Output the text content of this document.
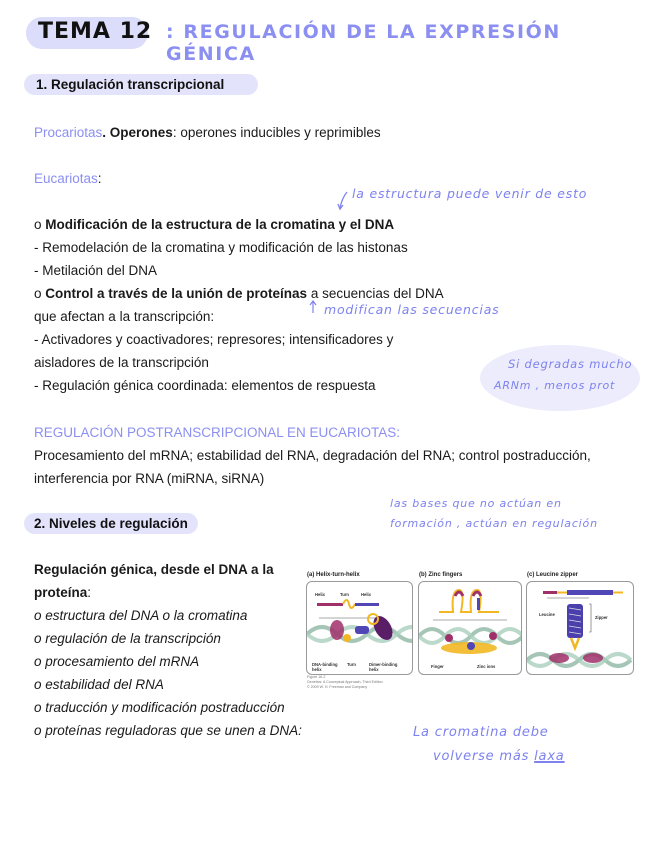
TEMA 12 : REGULACIÓN DE LA EXPRESIÓN GÉNICA
1. Regulación transcripcional
Procariotas. Operones: operones inducibles y reprimibles
Eucariotas:
o Modificación de la estructura de la cromatina y el DNA
- Remodelación de la cromatina y modificación de las histonas
- Metilación del DNA
o Control a través de la unión de proteínas a secuencias del DNA
que afectan a la transcripción:
- Activadores y coactivadores; represores; intensificadores y
aisladores de la transcripción
- Regulación génica coordinada: elementos de respuesta
REGULACIÓN POSTRANSCRIPCIONAL EN EUCARIOTAS:
Procesamiento del mRNA; estabilidad del RNA, degradación del RNA; control postraducción,
interferencia por RNA (miRNA, siRNA)
2. Niveles de regulación
Regulación génica, desde el DNA a la
proteína:
o estructura del DNA o la cromatina
o regulación de la transcripción
o procesamiento del mRNA
o estabilidad del RNA
o traducción y modificación postraducción
o proteínas reguladoras que se unen a DNA:
(a) Helix-turn-helix
Helix	Turn	Helix
DNA-binding helix
Turn	Dimer-binding helix
(b) Zinc fingers
Finger	Zinc ions
(c) Leucine zipper
Leucine
Zipper
Figure 16-2
Genetics: A Conceptual Approach, Third Edition
© 2009 W. H. Freeman and Company
la estructura puede venir de esto
modifican las secuencias
Si degradas mucho
ARNm , menos prot
las bases que no actúan en
formación , actúan en regulación
La cromatina debe
volverse más laxa
